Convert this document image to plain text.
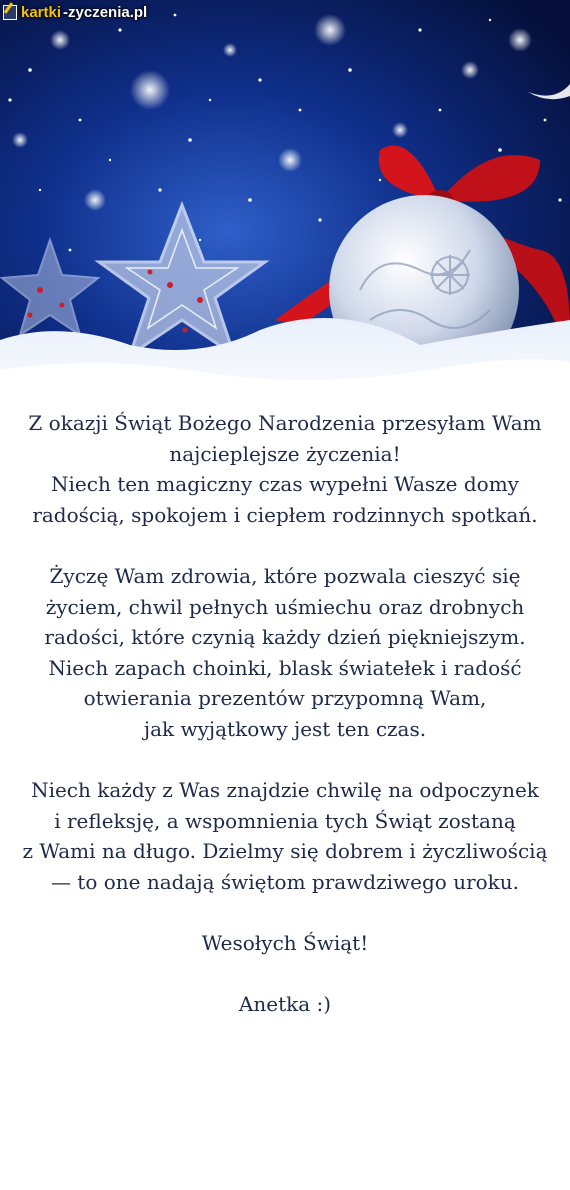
kartki -zyczenia.pl

Z okazji Świąt Bożego Narodzenia przesyłam Wam

najcieplejsze życzenia!

Niech ten magiczny czas wypełni Wasze domy

radością, spokojem i ciepłem rodzinnych spotkań.

Życzę Wam zdrowia, które pozwala cieszyć się

życiem, chwil pełnych uśmiechu oraz drobnych

radości, które czynią każdy dzień piękniejszym.

Niech zapach choinki, blask światełek i radość

otwierania prezentów przypomną Wam,

jak wyjątkowy jest ten czas.

Niech każdy z Was znajdzie chwilę na odpoczynek

i refleksję, a wspomnienia tych Świąt zostaną

z Wami na długo. Dzielmy się dobrem i życzliwością

— to one nadają świętom prawdziwego uroku.

Wesołych Świąt!

Anetka :)
